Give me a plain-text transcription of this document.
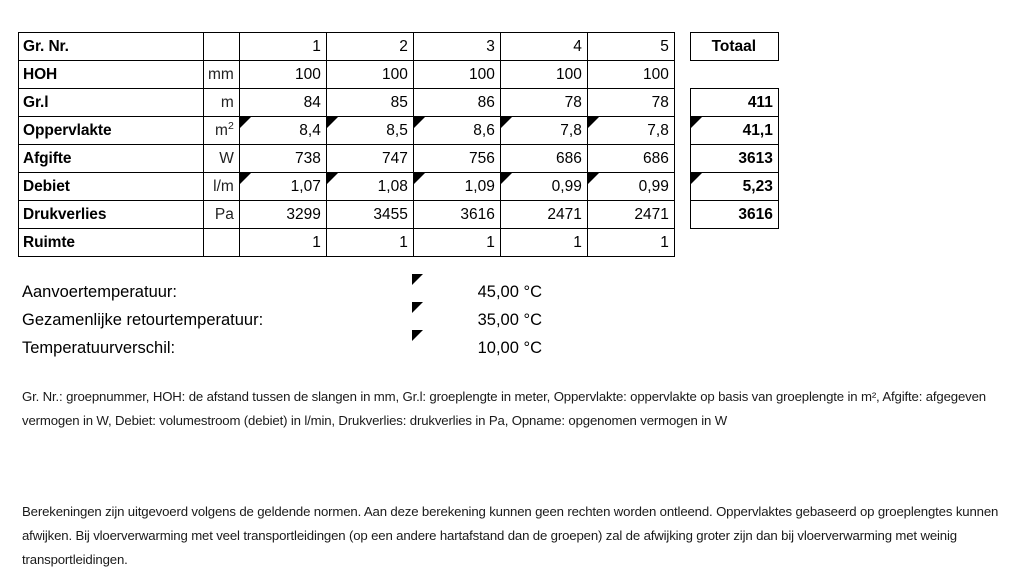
Gr. Nr.		1	2	3	4	5		Totaal
HOH	mm	100	100	100	100	100		
Gr.l	m	84	85	86	78	78		411
Oppervlakte	$m^2$	8,4	8,5	8,6	7,8	7,8		41,1
Afgifte	W	738	747	756	686	686		3613
Debiet	l/m	1,07	1,08	1,09	0,99	0,99		5,23
Drukverlies	Pa	3299	3455	3616	2471	2471		3616
Ruimte		1	1	1	1	1		
Aanvoertemperatuur:	45,00 °C
Gezamenlijke retourtemperatuur:	35,00 °C
Temperatuurverschil:	10,00 °C
Gr. Nr.: groepnummer, HOH: de afstand tussen de slangen in mm, Gr.l: groeplengte in meter, Oppervlakte: oppervlakte op basis van groeplengte in m², Afgifte: afgegeven vermogen in W, Debiet: volumestroom (debiet) in l/min, Drukverlies: drukverlies in Pa, Opname: opgenomen vermogen in W
Berekeningen zijn uitgevoerd volgens de geldende normen. Aan deze berekening kunnen geen rechten worden ontleend. Oppervlaktes gebaseerd op groeplengtes kunnen afwijken. Bij vloerverwarming met veel transportleidingen (op een andere hartafstand dan de groepen) zal de afwijking groter zijn dan bij vloerverwarming met weinig transportleidingen.
